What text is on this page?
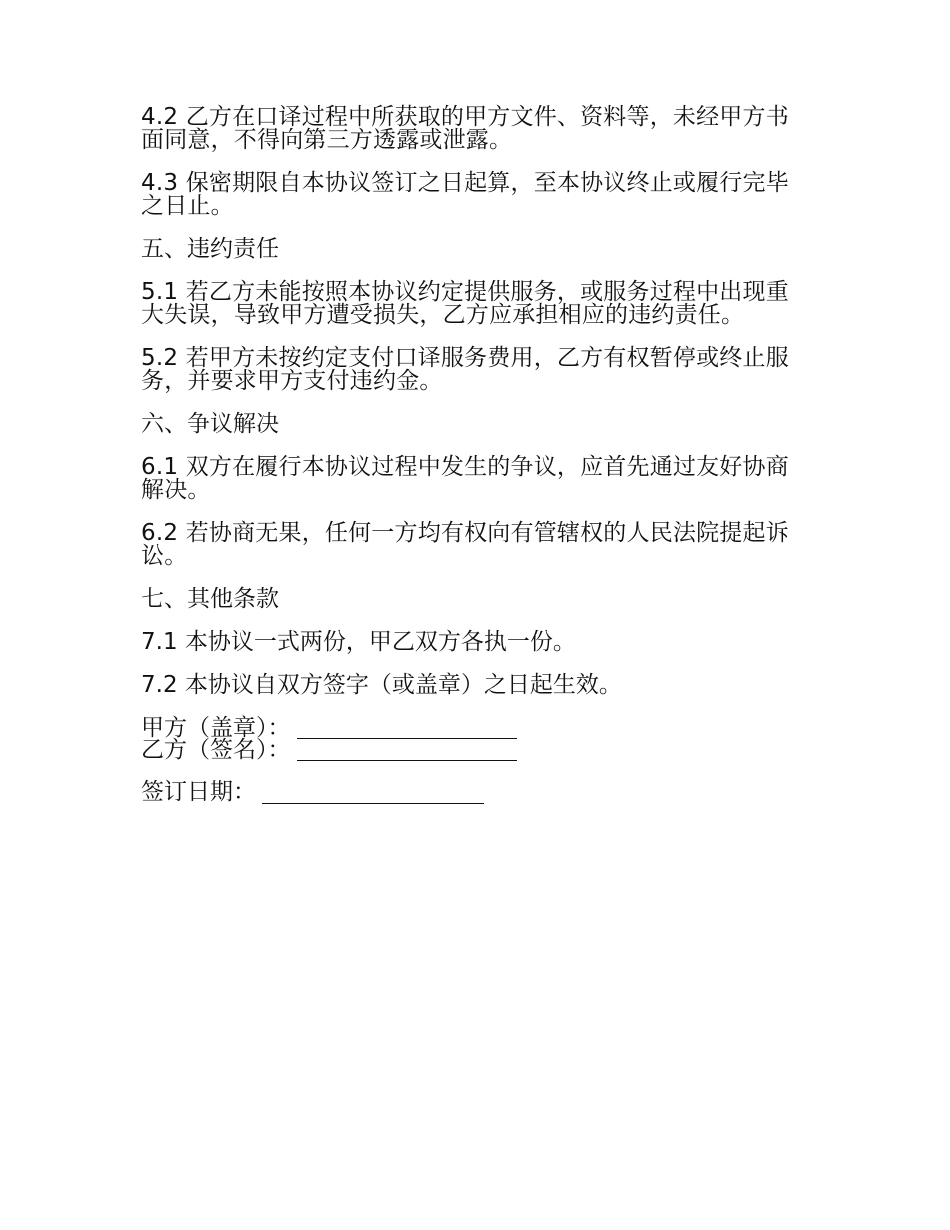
4.2 乙方在口译过程中所获取的甲方文件、资料等，未经甲方书面同意，不得向第三方透露或泄露。

4.3 保密期限自本协议签订之日起算，至本协议终止或履行完毕之日止。

五、违约责任

5.1 若乙方未能按照本协议约定提供服务，或服务过程中出现重大失误，导致甲方遭受损失，乙方应承担相应的违约责任。

5.2 若甲方未按约定支付口译服务费用，乙方有权暂停或终止服务，并要求甲方支付违约金。

六、争议解决

6.1 双方在履行本协议过程中发生的争议，应首先通过友好协商解决。

6.2 若协商无果，任何一方均有权向有管辖权的人民法院提起诉讼。

七、其他条款

7.1 本协议一式两份，甲乙双方各执一份。

7.2 本协议自双方签字（或盖章）之日起生效。

甲方（盖章）：
乙方（签名）：
签订日期：
